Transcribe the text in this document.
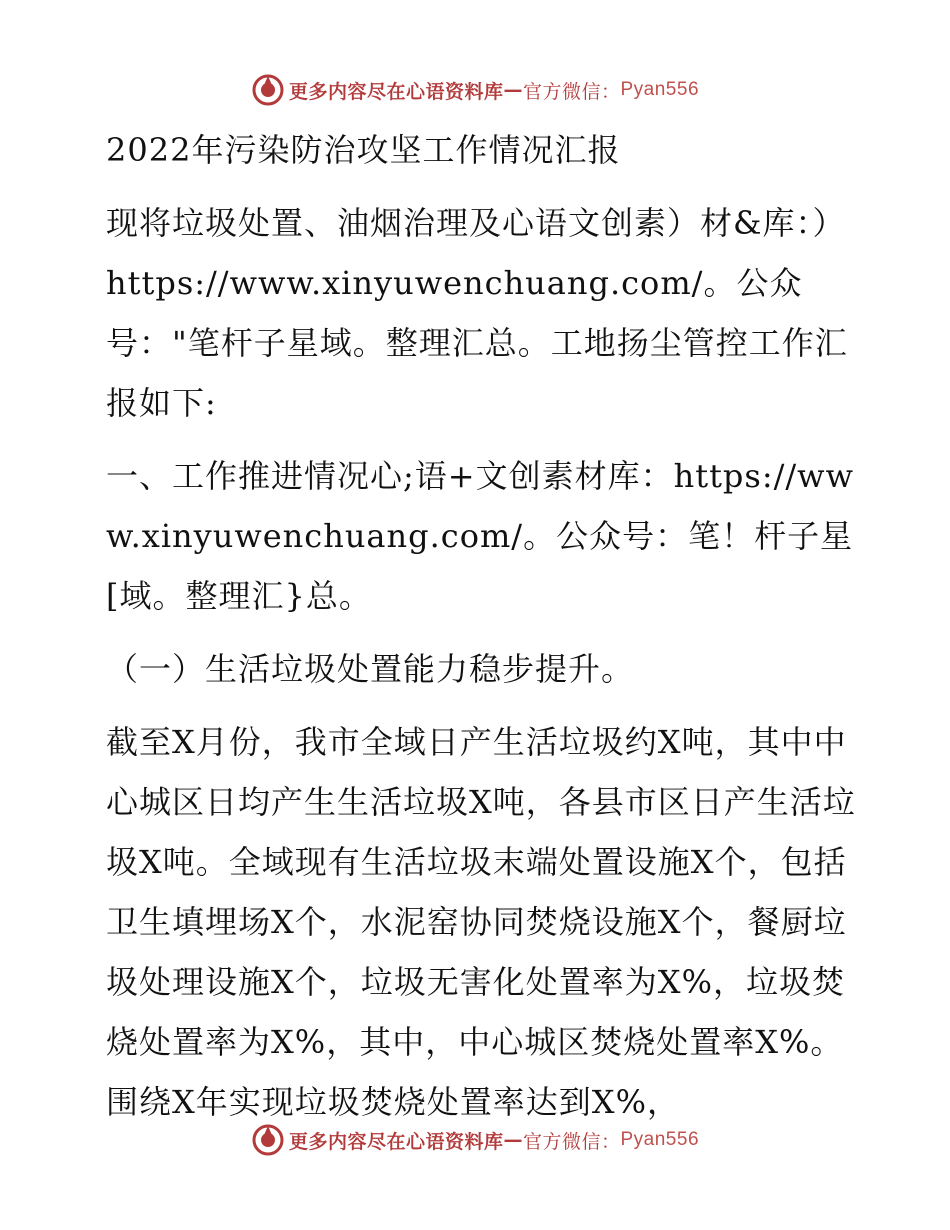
更多内容尽在心语资料库 — 官方微信： Pyan556

2022年污染防治攻坚工作情况汇报

现将垃圾处置、油烟治理及心语文创素）材&库：）https://www.xinyuwenchuang.com/。公众号："笔杆子星域。整理汇总。工地扬尘管控工作汇报如下:

一、工作推进情况心;语+文创素材库：https://www.xinyuwenchuang.com/。公众号：笔！杆子星[域。整理汇}总。

（一）生活垃圾处置能力稳步提升。

截至X月份，我市全域日产生活垃圾约X吨，其中中心城区日均产生生活垃圾X吨，各县市区日产生活垃圾X吨。全域现有生活垃圾末端处置设施X个，包括卫生填埋场X个，水泥窑协同焚烧设施X个，餐厨垃圾处理设施X个，垃圾无害化处置率为X%，垃圾焚烧处置率为X%，其中，中心城区焚烧处置率X%。围绕X年实现垃圾焚烧处置率达到X%，

更多内容尽在心语资料库 — 官方微信： Pyan556
